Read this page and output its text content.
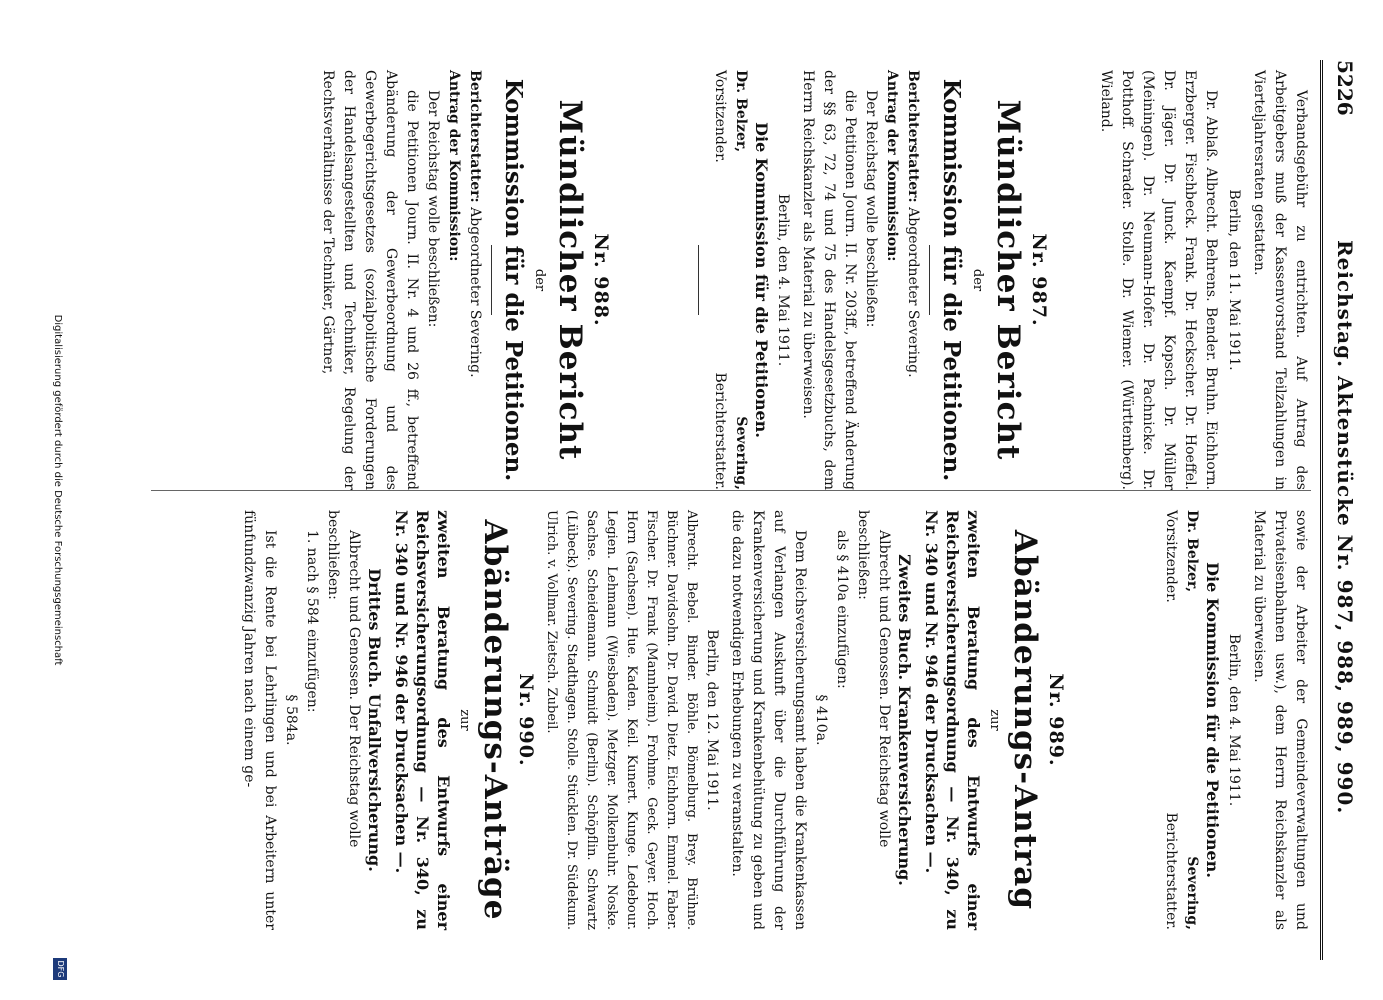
5226
Reichstag. Aktenstücke Nr. 987, 988, 989, 990.

Verbandsgebühr zu entrichten. Auf Antrag des Arbeitgebers muß der Kassenvorstand Teilzahlungen in Vierteljahresraten gestatten.

Berlin, den 11. Mai 1911.

Dr. Ablaß. Albrecht. Behrens. Bender. Bruhn. Eichhorn. Erzberger. Fischbeck. Frank. Dr. Heckscher. Dr. Hoeffel. Dr. Jäger. Dr. Junck. Kaempf. Kopsch. Dr. Müller (Meiningen). Dr. Neumann-Hofer. Dr. Pachnicke. Dr. Potthoff. Schrader. Stolle. Dr. Wiemer. (Württemberg). Wieland.

Nr. 987.

Mündlicher Bericht

der

Kommission für die Petitionen.

Berichterstatter: Abgeordneter Severing.

Antrag der Kommission:

Der Reichstag wolle beschließen:

die Petitionen Journ. II. Nr. 203ff., betreffend Änderung der §§ 63, 72, 74 und 75 des Handelsgesetzbuchs, dem Herrn Reichskanzler als Material zu überweisen.

Berlin, den 4. Mai 1911.

Die Kommission für die Petitionen.

Dr. Belzer,
Vorsitzender.
Severing,
Berichterstatter.

Nr. 988.

Mündlicher Bericht

der

Kommission für die Petitionen.

Berichterstatter: Abgeordneter Severing.

Antrag der Kommission:

Der Reichstag wolle beschließen:

die Petitionen Journ. II. Nr. 4 und 26 ff., betreffend Abänderung der Gewerbeordnung und des Gewerbegerichtsgesetzes (sozialpolitische Forderungen der Handelsangestellten und Techniker, Regelung der Rechtsverhältnisse der Techniker, Gärtner,

sowie der Arbeiter der Gemeindeverwaltungen und Privateisenbahnen usw.), dem Herrn Reichskanzler als Material zu überweisen.

Berlin, den 4. Mai 1911.

Die Kommission für die Petitionen.

Dr. Belzer,
Vorsitzender.
Severing,
Berichterstatter.

Nr. 989.

Abänderungs-Antrag

zur

zweiten Beratung des Entwurfs einer Reichsversicherungsordnung — Nr. 340, zu Nr. 340 und Nr. 946 der Drucksachen —.

Zweites Buch. Krankenversicherung.

Albrecht und Genossen. Der Reichstag wolle beschließen:

als § 410a einzufügen:

§ 410a.

Dem Reichsversicherungsamt haben die Krankenkassen auf Verlangen Auskunft über die Durchführung der Krankenversicherung und Krankenbehütung zu geben und die dazu notwendigen Erhebungen zu veranstalten.

Berlin, den 12. Mai 1911.

Albrecht. Bebel. Binder. Böhle. Bömelburg. Brey. Brühne. Büchner. Davidsohn. Dr. David. Dietz. Eichhorn. Emmel. Faber. Fischer. Dr. Frank (Mannheim). Frohme. Geck. Geyer. Hoch. Horn (Sachsen). Hue. Kaden. Keil. Kunert. Kunge. Ledebour. Legien. Lehmann (Wiesbaden). Metzger. Molkenbuhr. Noske. Sachse. Scheidemann. Schmidt (Berlin). Schöpflin. Schwartz (Lübeck). Severing. Stadthagen. Stolle. Stücklen. Dr. Südekum. Ulrich. v. Vollmar. Zietsch. Zubeil.

Nr. 990.

Abänderungs-Anträge

zur

zweiten Beratung des Entwurfs einer Reichsversicherungsordnung — Nr. 340, zu Nr. 340 und Nr. 946 der Drucksachen —.

Drittes Buch. Unfallversicherung.

Albrecht und Genossen. Der Reichstag wolle beschließen:

1. nach § 584 einzufügen:

§ 584a.

Ist die Rente bei Lehrlingen und bei Arbeitern unter fünfundzwanzig Jahren nach einem ge-

Digitalisierung gefördert durch die Deutsche Forschungsgemeinschaft
DFG
